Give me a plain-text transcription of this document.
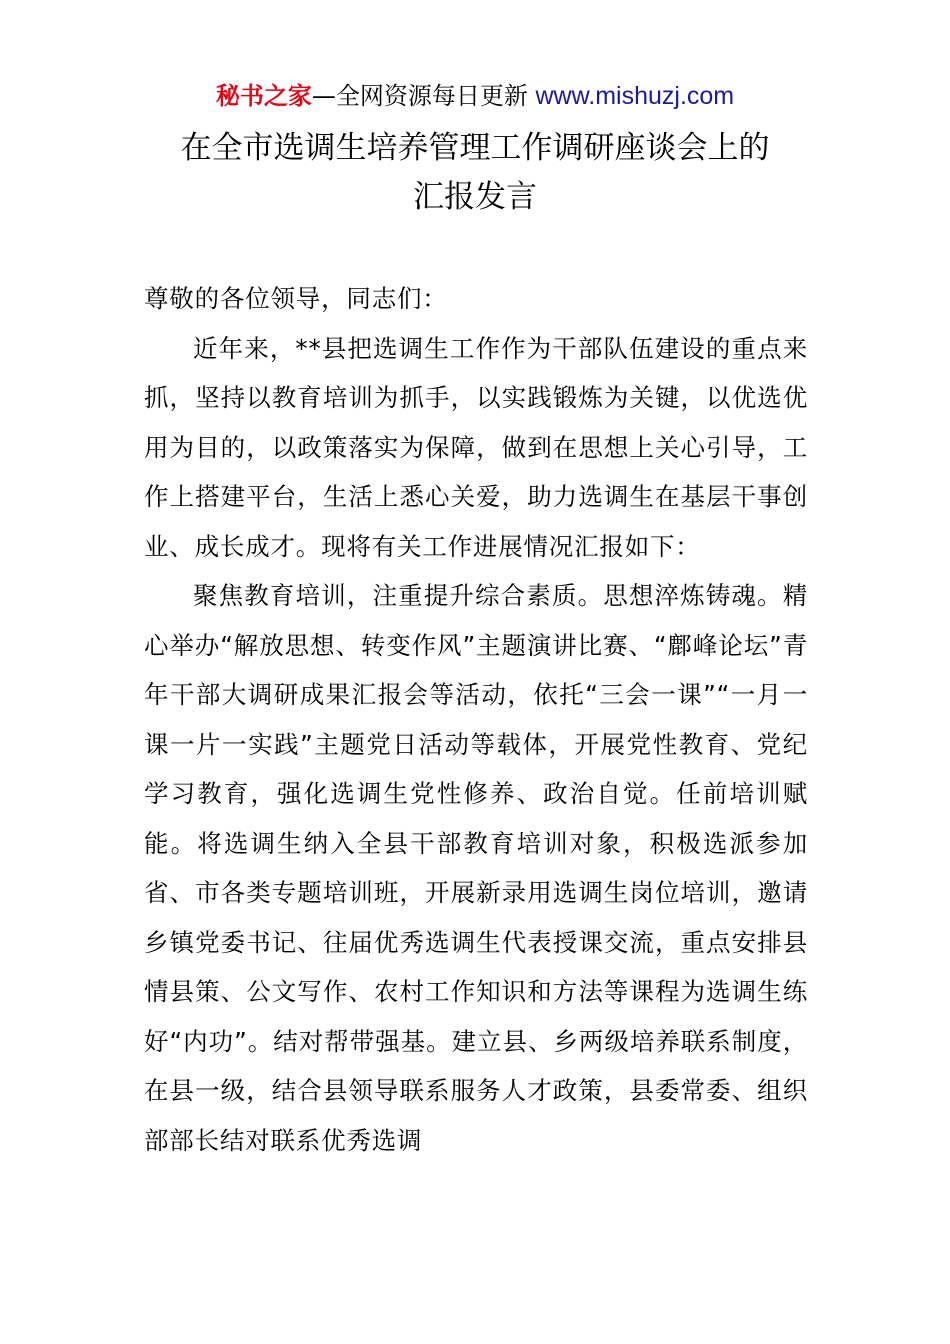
秘书之家—全网资源每日更新 www.mishuzj.com
在全市选调生培养管理工作调研座谈会上的
汇报发言

尊敬的各位领导，同志们：

近年来，**县把选调生工作作为干部队伍建设的重点来抓，坚持以教育培训为抓手，以实践锻炼为关键，以优选优用为目的，以政策落实为保障，做到在思想上关心引导，工作上搭建平台，生活上悉心关爱，助力选调生在基层干事创业、成长成才。现将有关工作进展情况汇报如下：

聚焦教育培训，注重提升综合素质。思想淬炼铸魂。精心举办“解放思想、转变作风”主题演讲比赛、“鄜峰论坛”青年干部大调研成果汇报会等活动，依托“三会一课”“一月一课一片一实践”主题党日活动等载体，开展党性教育、党纪学习教育，强化选调生党性修养、政治自觉。任前培训赋能。将选调生纳入全县干部教育培训对象，积极选派参加省、市各类专题培训班，开展新录用选调生岗位培训，邀请乡镇党委书记、往届优秀选调生代表授课交流，重点安排县情县策、公文写作、农村工作知识和方法等课程为选调生练好“内功”。结对帮带强基。建立县、乡两级培养联系制度，在县一级，结合县领导联系服务人才政策，县委常委、组织部部长结对联系优秀选调
